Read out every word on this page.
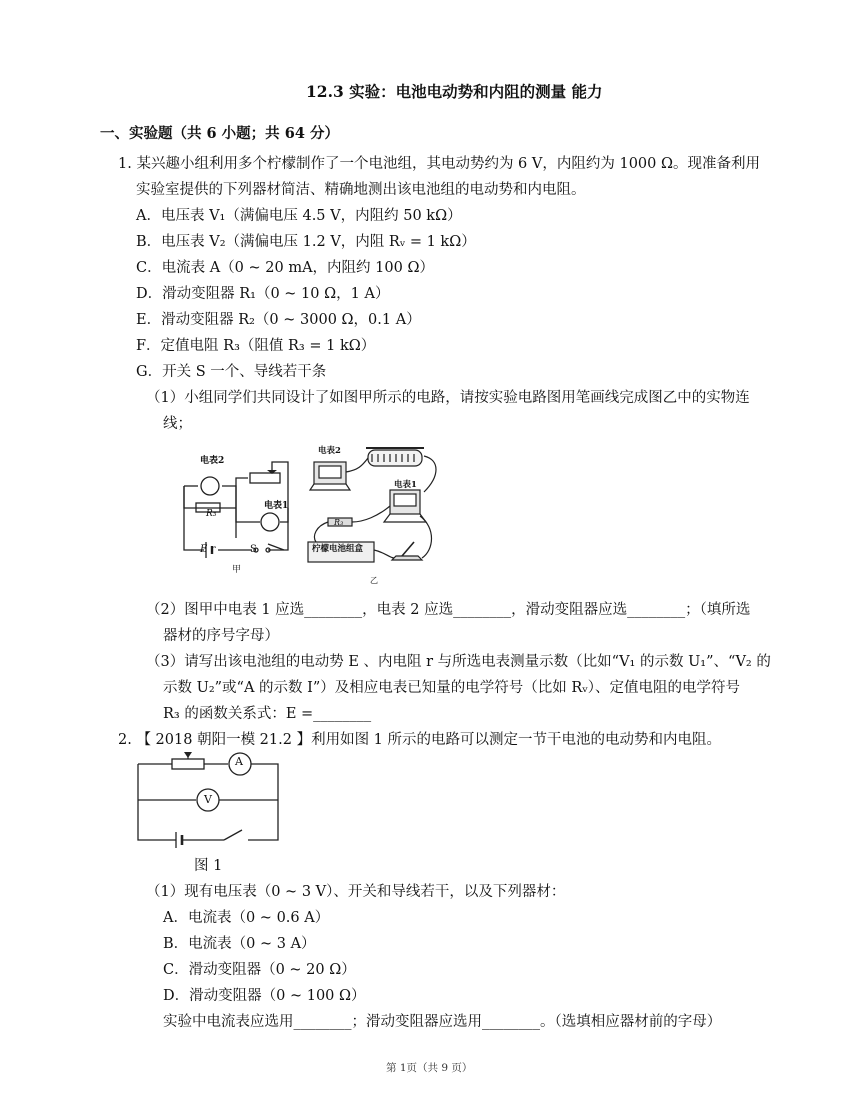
12.3 实验：电池电动势和内阻的测量 能力
一、实验题（共 6 小题；共 64 分）
1. 某兴趣小组利用多个柠檬制作了一个电池组，其电动势约为 6 V，内阻约为 1000 Ω。现准备利用
实验室提供的下列器材简洁、精确地测出该电池组的电动势和内电阻。
A．电压表 V₁（满偏电压 4.5 V，内阻约 50 kΩ）
B．电压表 V₂（满偏电压 1.2 V，内阻 Rᵥ = 1 kΩ）
C．电流表 A（0 ~ 20 mA，内阻约 100 Ω）
D．滑动变阻器 R₁（0 ~ 10 Ω，1 A）
E．滑动变阻器 R₂（0 ~ 3000 Ω，0.1 A）
F．定值电阻 R₃（阻值 R₃ = 1 kΩ）
G．开关 S 一个、导线若干条
（1）小组同学们共同设计了如图甲所示的电路，请按实验电路图用笔画线完成图乙中的实物连
线；
电表2
电表1
R₃
E r	S
甲
电表2
电表1
R₃
柠檬电池组盒
乙
（2）图甲中电表 1 应选________，电表 2 应选________，滑动变阻器应选________；（填所选
器材的序号字母）
（3）请写出该电池组的电动势 E 、内电阻 r 与所选电表测量示数（比如“V₁ 的示数 U₁”、“V₂ 的
示数 U₂”或“A 的示数 I”）及相应电表已知量的电学符号（比如 Rᵥ）、定值电阻的电学符号
R₃ 的函数关系式：E =________
2. 【 2018 朝阳一模 21.2 】利用如图 1 所示的电路可以测定一节干电池的电动势和内电阻。
A
V
图 1
（1）现有电压表（0 ~ 3 V）、开关和导线若干，以及下列器材：
A．电流表（0 ~ 0.6 A）
B．电流表（0 ~ 3 A）
C．滑动变阻器（0 ~ 20 Ω）
D．滑动变阻器（0 ~ 100 Ω）
实验中电流表应选用________；滑动变阻器应选用________。（选填相应器材前的字母）
第 1页（共 9 页）
